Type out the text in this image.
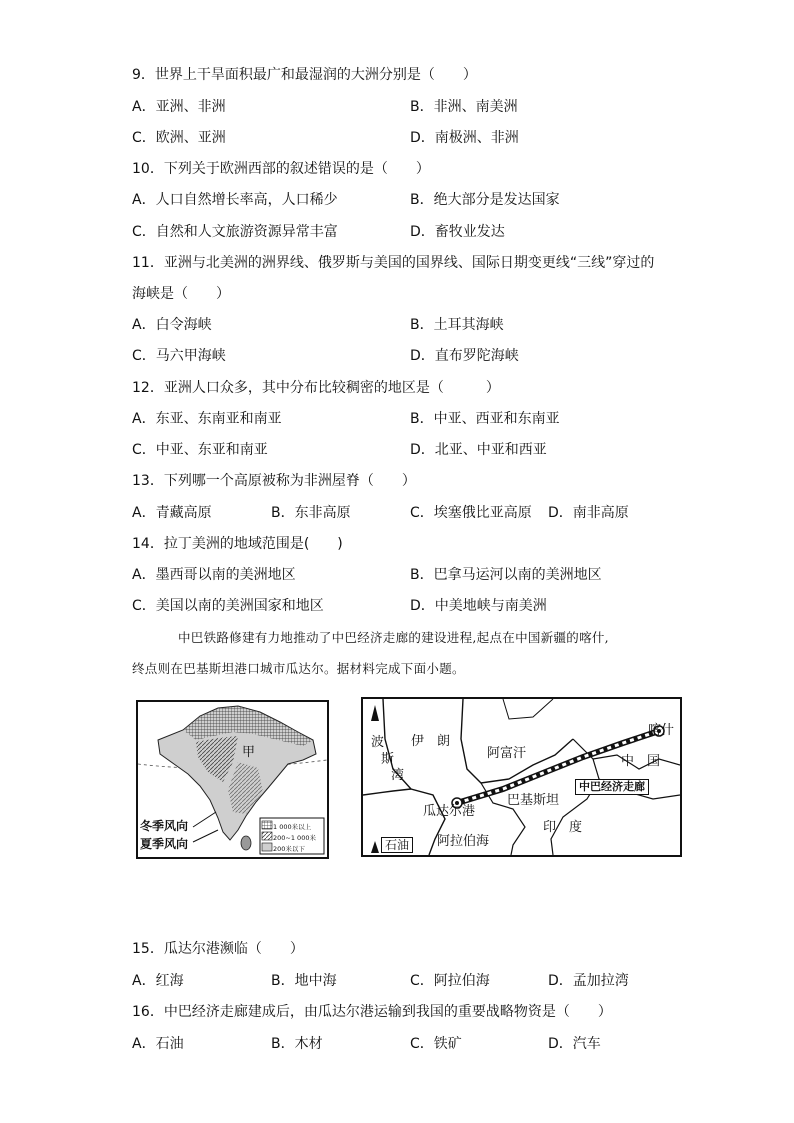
9．世界上干旱面积最广和最湿润的大洲分别是（　　）
A．亚洲、非洲	B．非洲、南美洲
C．欧洲、亚洲	D．南极洲、非洲
10．下列关于欧洲西部的叙述错误的是（　　）
A．人口自然增长率高，人口稀少	B．绝大部分是发达国家
C．自然和人文旅游资源异常丰富	D．畜牧业发达
11．亚洲与北美洲的洲界线、俄罗斯与美国的国界线、国际日期变更线“三线”穿过的
海峡是（　　）
A．白令海峡	B．土耳其海峡
C．马六甲海峡	D．直布罗陀海峡
12．亚洲人口众多，其中分布比较稠密的地区是（　　　）
A．东亚、东南亚和南亚	B．中亚、西亚和东南亚
C．中亚、东亚和南亚	D．北亚、中亚和西亚
13．下列哪一个高原被称为非洲屋脊（　　）
A．青藏高原	B．东非高原	C．埃塞俄比亚高原 D．南非高原
14．拉丁美洲的地域范围是(　　)
A．墨西哥以南的美洲地区	B．巴拿马运河以南的美洲地区
C．美国以南的美洲国家和地区	D．中美地峡与南美洲
中巴铁路修建有力地推动了中巴经济走廊的建设进程,起点在中国新疆的喀什,
终点则在巴基斯坦港口城市瓜达尔。据材料完成下面小题。
甲
冬季风向
夏季风向
1 000米以上
200~1 000米
200米以下
波
斯
湾
伊　朗
阿富汗
喀什
中　国
中巴经济走廊
巴基斯坦
瓜达尔港
印　度
阿拉伯海
石油
15．瓜达尔港濒临（　　）
A．红海	B．地中海	C．阿拉伯海	D．孟加拉湾
16．中巴经济走廊建成后，由瓜达尔港运输到我国的重要战略物资是（　　）
A．石油	B．木材	C．铁矿	D．汽车
